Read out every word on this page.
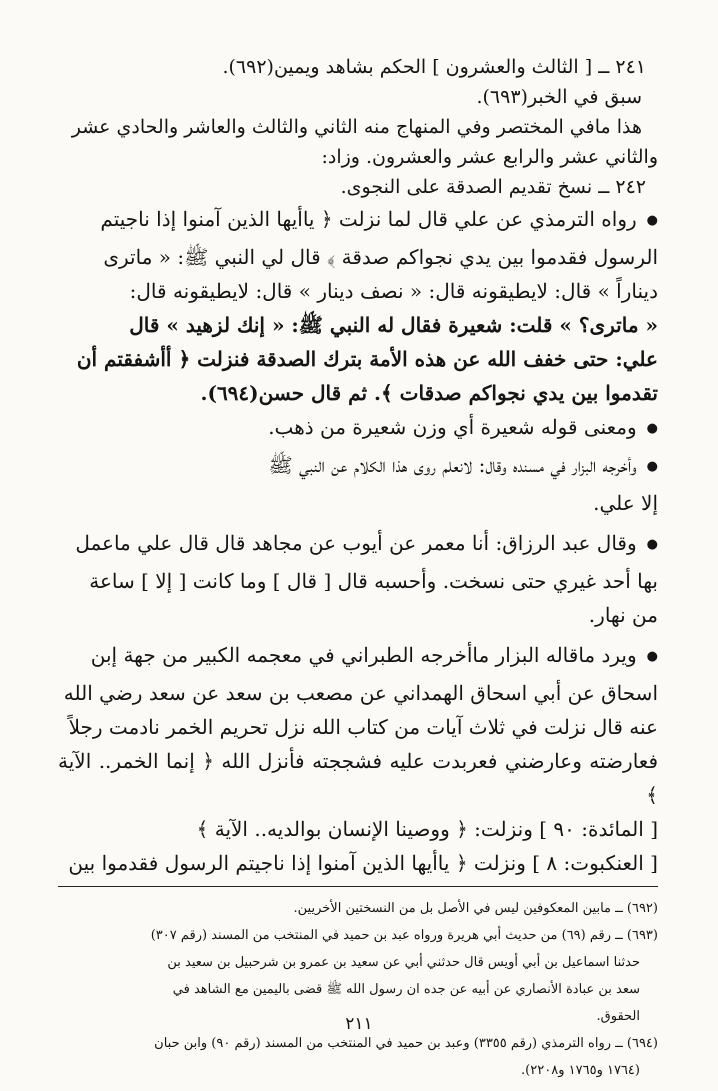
٢٤١ ــ [ الثالث والعشرون ] الحكم بشاهد ويمين(٦٩٢).

سبق في الخبر(٦٩٣).

هذا مافي المختصر وفي المنهاج منه الثاني والثالث والعاشر والحادي عشر

والثاني عشر والرابع عشر والعشرون. وزاد:

٢٤٢ ــ نسخ تقديم الصدقة على النجوى.

● رواه الترمذي عن علي قال لما نزلت ﴿ ياأيها الذين آمنوا إذا ناجيتم

الرسول فقدموا بين يدي نجواكم صدقة ﴾ قال لي النبي ﷺ: « ماترى

ديناراً » قال: لايطيقونه قال: « نصف دينار » قال: لايطيقونه قال:

« ماترى؟ » قلت: شعيرة فقال له النبي ﷺ: « إنك لزهيد » قال

علي: حتى خفف الله عن هذه الأمة بترك الصدقة فنزلت ﴿ أأشفقتم أن

تقدموا بين يدي نجواكم صدقات ﴾. ثم قال حسن(٦٩٤).

● ومعنى قوله شعيرة أي وزن شعيرة من ذهب.

● وأخرجه البزار في مسنده وقال: لانعلم روى هذا الكلام عن النبي ﷺ

إلا علي.

● وقال عبد الرزاق: أنا معمر عن أيوب عن مجاهد قال قال علي ماعمل

بها أحد غيري حتى نسخت. وأحسبه قال [ قال ] وما كانت [ إلا ] ساعة

من نهار.

● ويرد ماقاله البزار ماأخرجه الطبراني في معجمه الكبير من جهة إبن

اسحاق عن أبي اسحاق الهمداني عن مصعب بن سعد عن سعد رضي الله

عنه قال نزلت في ثلاث آيات من كتاب الله نزل تحريم الخمر نادمت رجلاً

فعارضته وعارضني فعربدت عليه فشججته فأنزل الله ﴿ إنما الخمر.. الآية ﴾

[ المائدة: ٩٠ ] ونزلت: ﴿ ووصينا الإنسان بوالديه.. الآية ﴾

[ العنكبوت: ٨ ] ونزلت ﴿ ياأيها الذين آمنوا إذا ناجيتم الرسول فقدموا بين

(٦٩٢) ــ مابين المعكوفين ليس في الأصل بل من النسختين الأخريين.

(٦٩٣) ــ رقم (٦٩) من حديث أبي هريرة ورواه عبد بن حميد في المنتخب من المسند (رقم ٣٠٧)

حدثنا اسماعيل بن أبي أويس قال حدثني أبي عن سعيد بن عمرو بن شرحبيل بن سعيد بن

سعد بن عبادة الأنصاري عن أبيه عن جده ان رسول الله ﷺ قضى باليمين مع الشاهد في

الحقوق.

(٦٩٤) ــ رواه الترمذي (رقم ٣٣٥٥) وعبد بن حميد في المنتخب من المسند (رقم ٩٠) وابن حبان

(١٧٦٤ و١٧٦٥ و٢٢٠٨).

٢١١
